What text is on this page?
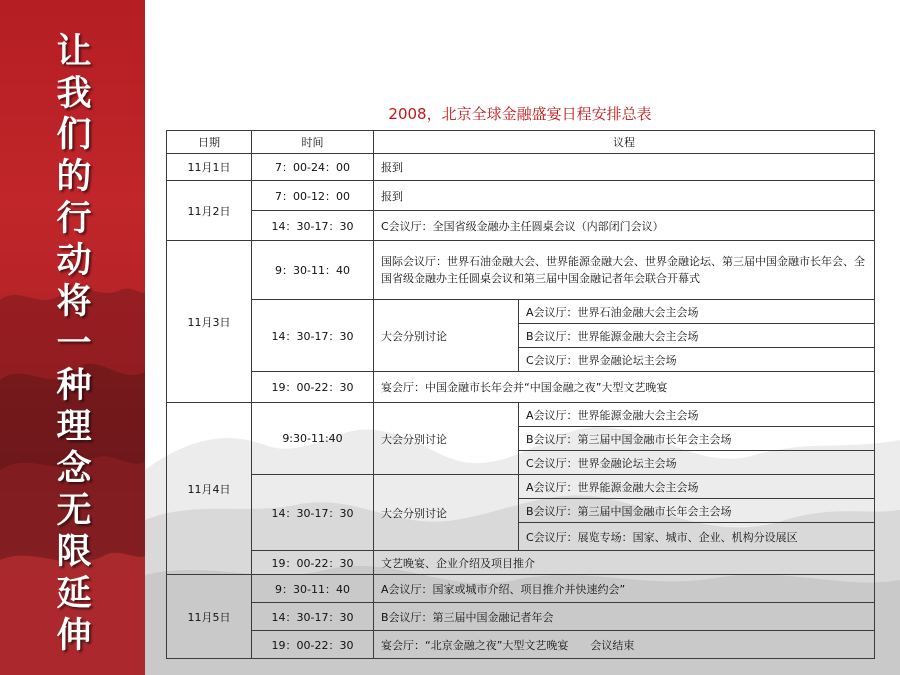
让
我
们
的
行
动
将
一
种
理
念
无
限
延
伸
2008，北京全球金融盛宴日程安排总表
日期	时间	议程	
11月1日	7：00-24：00	报到	
11月2日	7：00-12：00	报到	
	14：30-17：30	C会议厅：全国省级金融办主任圆桌会议（内部闭门会议）	
11月3日	9：30-11：40	国际会议厅：世界石油金融大会、世界能源金融大会、世界金融论坛、第三届中国金融市长年会、全国省级金融办主任圆桌会议和第三届中国金融记者年会联合开幕式	
	14：30-17：30	大会分别讨论	A会议厅：世界石油金融大会主会场
			B会议厅：世界能源金融大会主会场
			C会议厅：世界金融论坛主会场
	19：00-22：30	宴会厅：中国金融市长年会并“中国金融之夜”大型文艺晚宴	
11月4日	9:30-11:40	大会分别讨论	A会议厅：世界能源金融大会主会场
			B会议厅：第三届中国金融市长年会主会场
			C会议厅：世界金融论坛主会场
	14：30-17：30	大会分别讨论	A会议厅：世界能源金融大会主会场
			B会议厅：第三届中国金融市长年会主会场
			C会议厅：展览专场：国家、城市、企业、机构分设展区
	19：00-22：30	文艺晚宴、企业介绍及项目推介	
11月5日	9：30-11：40	A会议厅：国家或城市介绍、项目推介并快速约会”	
	14：30-17：30	B会议厅：第三届中国金融记者年会	
	19：00-22：30	宴会厅：“北京金融之夜”大型文艺晚宴　　会议结束	
